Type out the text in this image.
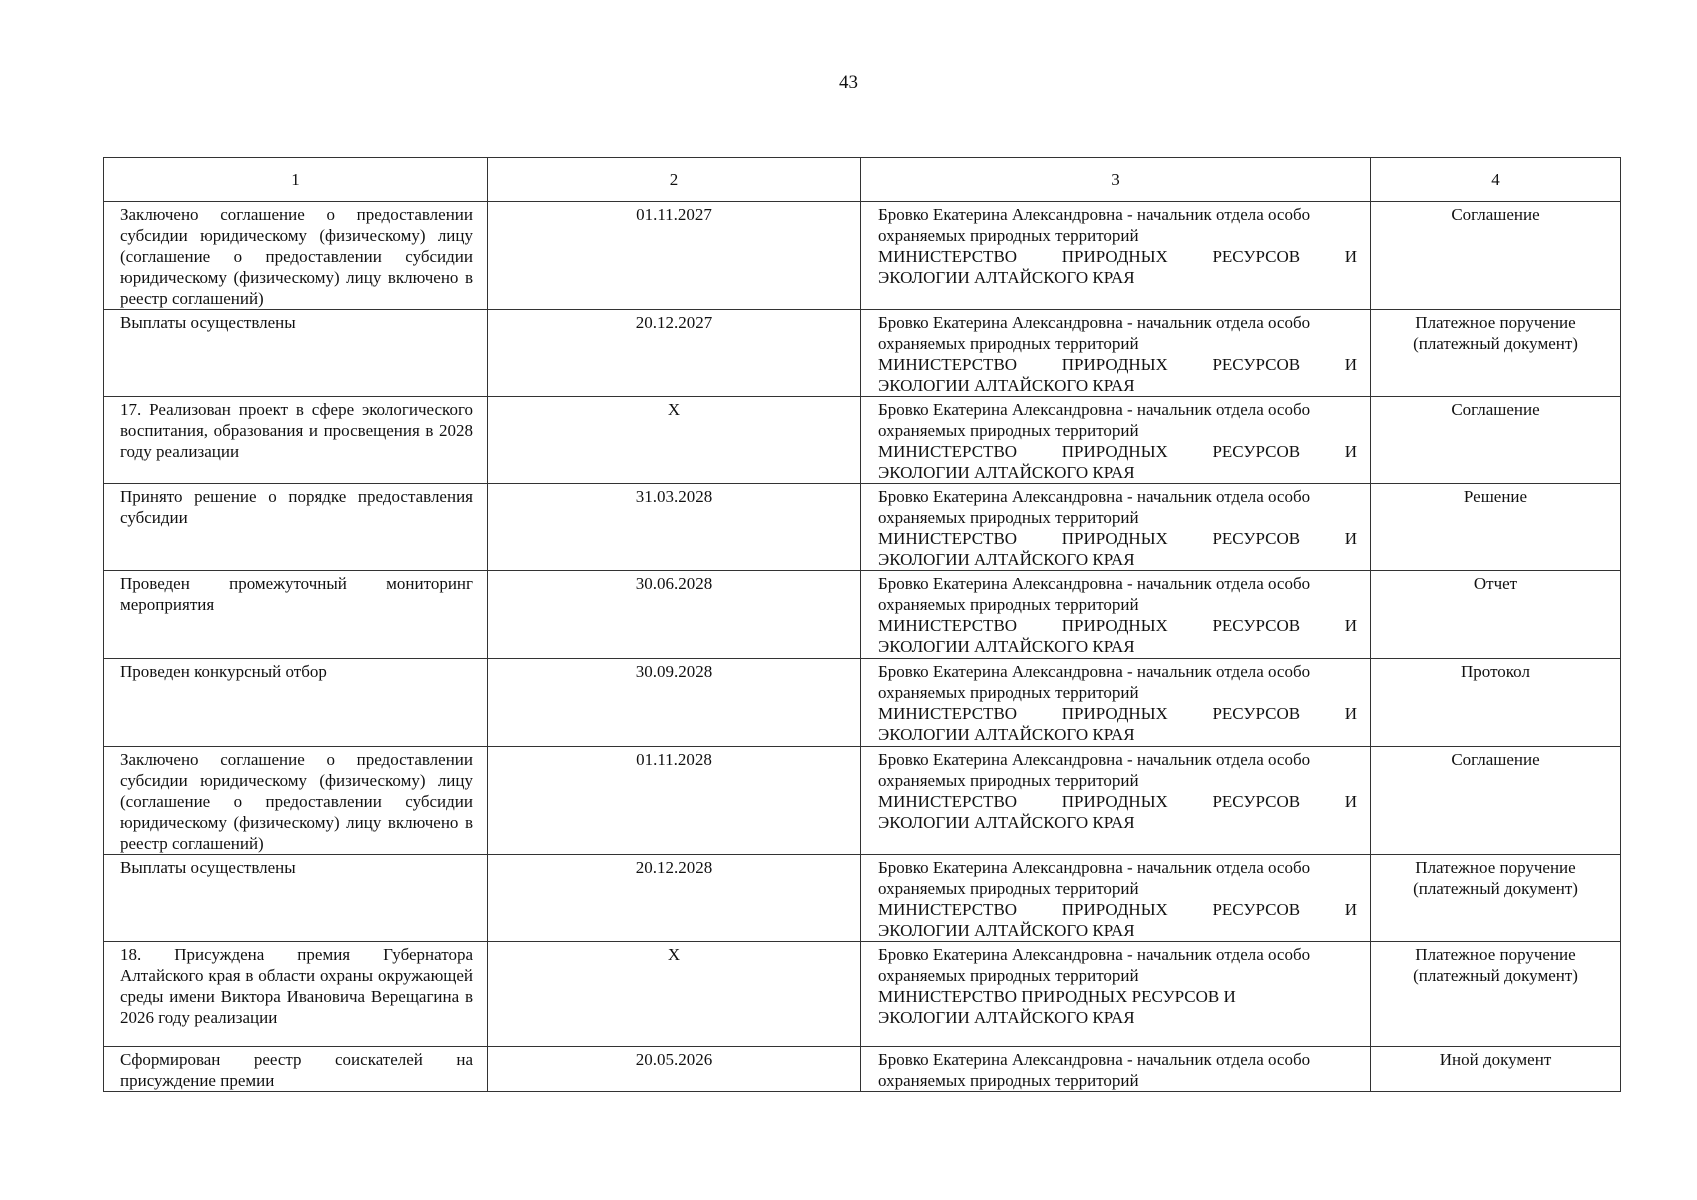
43
1	2	3	4
Заключено соглашение о предоставлении субсидии юридическому (физическому) лицу (соглашение о предоставлении субсидии юридическому (физическому) лицу включено в реестр соглашений)	01.11.2027	Бровко Екатерина Александровна - начальник отдела особо охраняемых природных территорий
МИНИСТЕРСТВО ПРИРОДНЫХ РЕСУРСОВ И
ЭКОЛОГИИ АЛТАЙСКОГО КРАЯ	Соглашение
Выплаты осуществлены	20.12.2027	Бровко Екатерина Александровна - начальник отдела особо охраняемых природных территорий
МИНИСТЕРСТВО ПРИРОДНЫХ РЕСУРСОВ И
ЭКОЛОГИИ АЛТАЙСКОГО КРАЯ	Платежное поручение
(платежный документ)
17. Реализован проект в сфере экологического воспитания, образования и просвещения в 2028 году реализации	X	Бровко Екатерина Александровна - начальник отдела особо охраняемых природных территорий
МИНИСТЕРСТВО ПРИРОДНЫХ РЕСУРСОВ И
ЭКОЛОГИИ АЛТАЙСКОГО КРАЯ	Соглашение
Принято решение о порядке предоставления субсидии	31.03.2028	Бровко Екатерина Александровна - начальник отдела особо охраняемых природных территорий
МИНИСТЕРСТВО ПРИРОДНЫХ РЕСУРСОВ И
ЭКОЛОГИИ АЛТАЙСКОГО КРАЯ	Решение
Проведен промежуточный мониторинг мероприятия	30.06.2028	Бровко Екатерина Александровна - начальник отдела особо охраняемых природных территорий
МИНИСТЕРСТВО ПРИРОДНЫХ РЕСУРСОВ И
ЭКОЛОГИИ АЛТАЙСКОГО КРАЯ	Отчет
Проведен конкурсный отбор	30.09.2028	Бровко Екатерина Александровна - начальник отдела особо охраняемых природных территорий
МИНИСТЕРСТВО ПРИРОДНЫХ РЕСУРСОВ И
ЭКОЛОГИИ АЛТАЙСКОГО КРАЯ	Протокол
Заключено соглашение о предоставлении субсидии юридическому (физическому) лицу (соглашение о предоставлении субсидии юридическому (физическому) лицу включено в реестр соглашений)	01.11.2028	Бровко Екатерина Александровна - начальник отдела особо охраняемых природных территорий
МИНИСТЕРСТВО ПРИРОДНЫХ РЕСУРСОВ И
ЭКОЛОГИИ АЛТАЙСКОГО КРАЯ	Соглашение
Выплаты осуществлены	20.12.2028	Бровко Екатерина Александровна - начальник отдела особо охраняемых природных территорий
МИНИСТЕРСТВО ПРИРОДНЫХ РЕСУРСОВ И
ЭКОЛОГИИ АЛТАЙСКОГО КРАЯ	Платежное поручение
(платежный документ)
18. Присуждена премия Губернатора Алтайского края в области охраны окружающей среды имени Виктора Ивановича Верещагина в 2026 году реализации	X	Бровко Екатерина Александровна - начальник отдела особо охраняемых природных территорий
МИНИСТЕРСТВО ПРИРОДНЫХ РЕСУРСОВ И
ЭКОЛОГИИ АЛТАЙСКОГО КРАЯ	Платежное поручение
(платежный документ)
Сформирован реестр соискателей на присуждение премии	20.05.2026	Бровко Екатерина Александровна - начальник отдела особо охраняемых природных территорий	Иной документ
